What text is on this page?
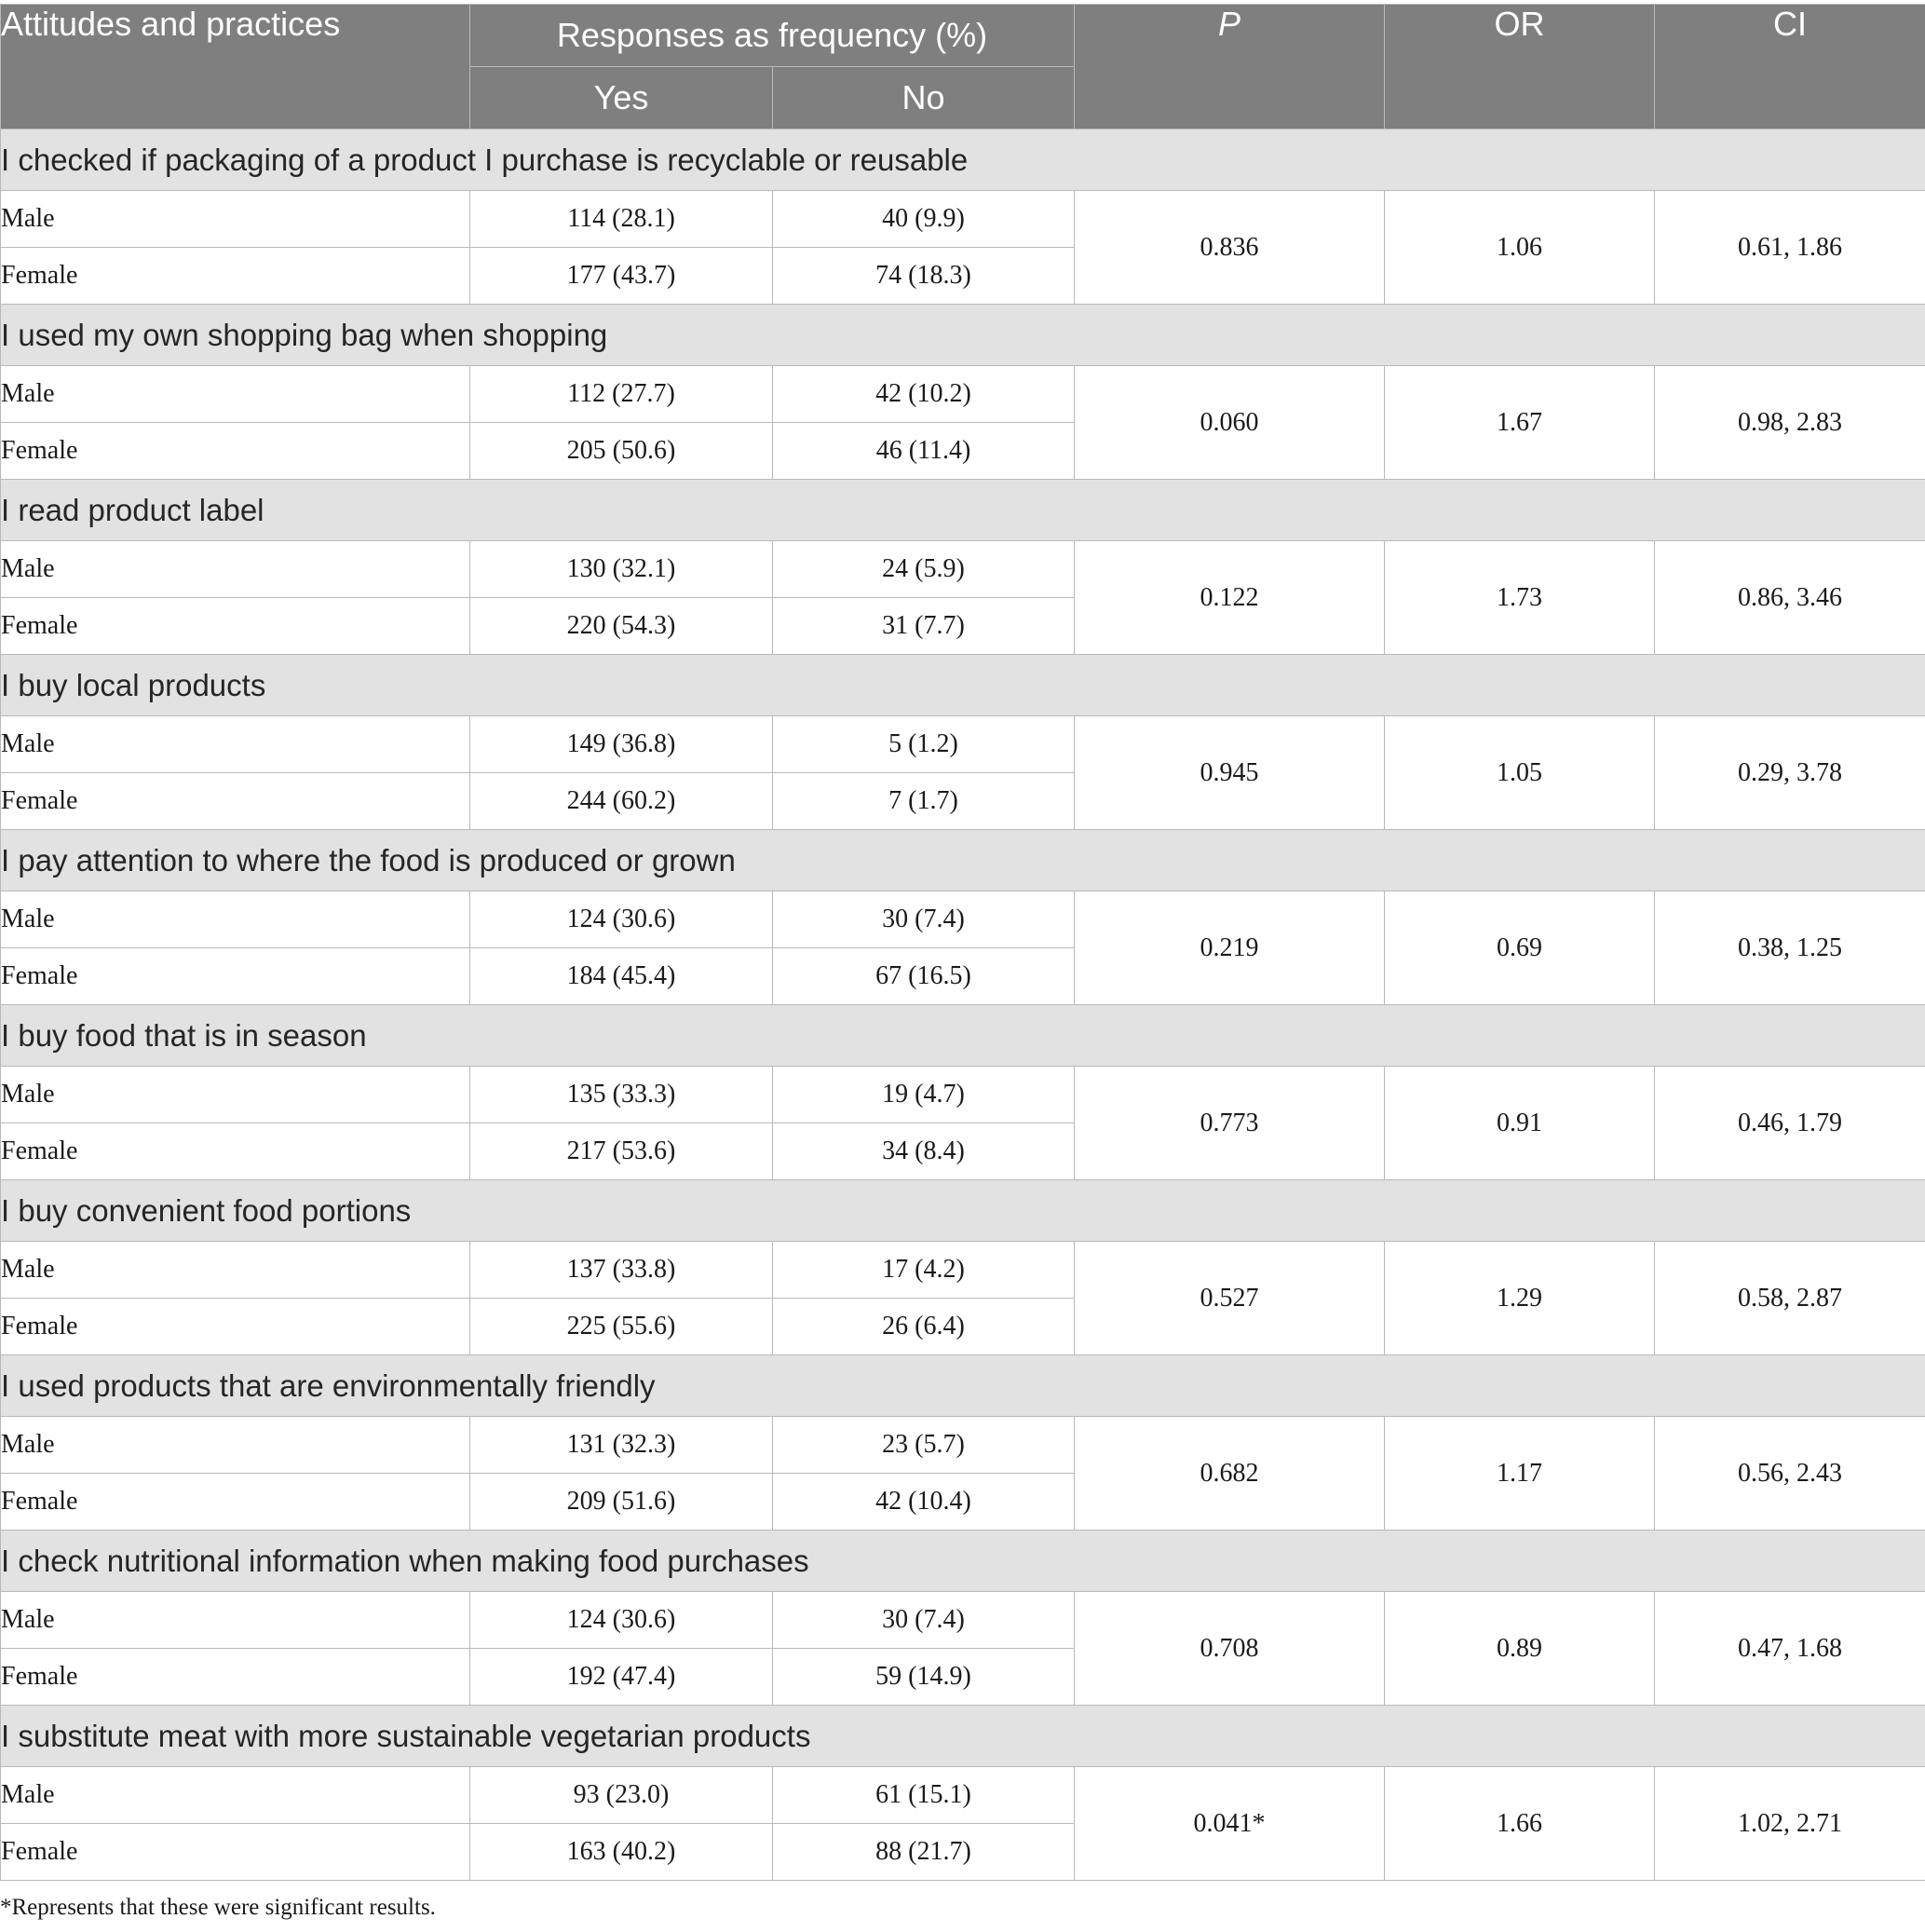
Attitudes and practices	Responses as frequency (%)		P	OR	CI
	Yes	No			
I checked if packaging of a product I purchase is recyclable or reusable					
Male	114 (28.1)	40 (9.9)	0.836	1.06	0.61, 1.86
Female	177 (43.7)	74 (18.3)			
I used my own shopping bag when shopping					
Male	112 (27.7)	42 (10.2)	0.060	1.67	0.98, 2.83
Female	205 (50.6)	46 (11.4)			
I read product label					
Male	130 (32.1)	24 (5.9)	0.122	1.73	0.86, 3.46
Female	220 (54.3)	31 (7.7)			
I buy local products					
Male	149 (36.8)	5 (1.2)	0.945	1.05	0.29, 3.78
Female	244 (60.2)	7 (1.7)			
I pay attention to where the food is produced or grown					
Male	124 (30.6)	30 (7.4)	0.219	0.69	0.38, 1.25
Female	184 (45.4)	67 (16.5)			
I buy food that is in season					
Male	135 (33.3)	19 (4.7)	0.773	0.91	0.46, 1.79
Female	217 (53.6)	34 (8.4)			
I buy convenient food portions					
Male	137 (33.8)	17 (4.2)	0.527	1.29	0.58, 2.87
Female	225 (55.6)	26 (6.4)			
I used products that are environmentally friendly					
Male	131 (32.3)	23 (5.7)	0.682	1.17	0.56, 2.43
Female	209 (51.6)	42 (10.4)			
I check nutritional information when making food purchases					
Male	124 (30.6)	30 (7.4)	0.708	0.89	0.47, 1.68
Female	192 (47.4)	59 (14.9)			
I substitute meat with more sustainable vegetarian products					
Male	93 (23.0)	61 (15.1)	0.041*	1.66	1.02, 2.71
Female	163 (40.2)	88 (21.7)			
*Represents that these were significant results.
